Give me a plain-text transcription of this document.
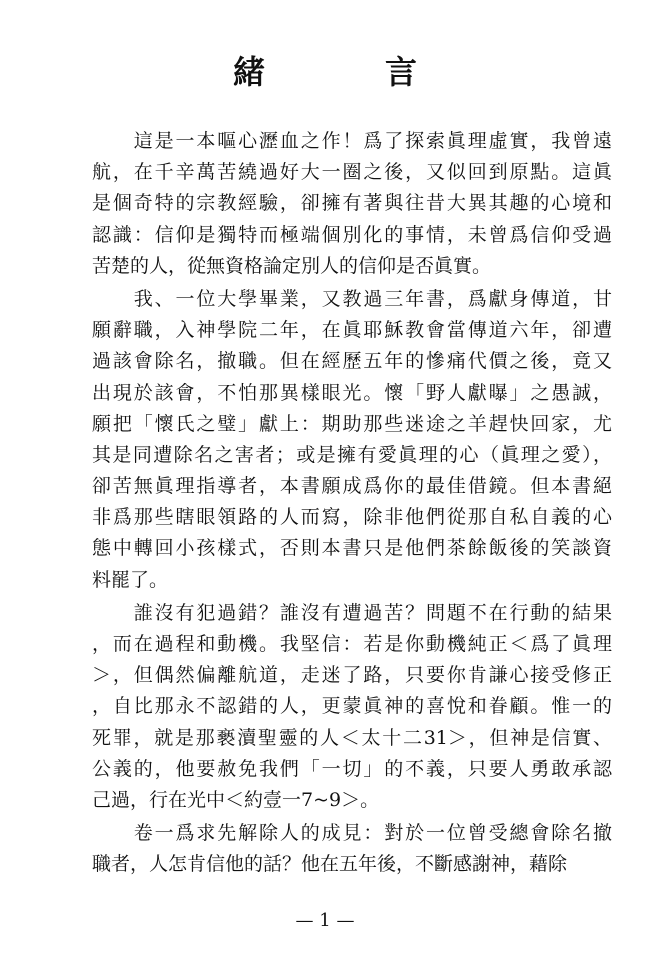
緒　言
　　這是一本嘔心瀝血之作！爲了探索眞理虛實，我曾遠
航，在千辛萬苦繞過好大一圈之後，又似回到原點。這眞
是個奇特的宗教經驗，卻擁有著與往昔大異其趣的心境和
認識：信仰是獨特而極端個別化的事情，未曾爲信仰受過
苦楚的人，從無資格論定別人的信仰是否眞實。
　　我、一位大學畢業，又教過三年書，爲獻身傳道，甘
願辭職，入神學院二年，在眞耶穌教會當傳道六年，卻遭
過該會除名，撤職。但在經歷五年的慘痛代價之後，竟又
出現於該會，不怕那異樣眼光。懷「野人獻曝」之愚誠，
願把「懷氏之璧」獻上：期助那些迷途之羊趕快回家，尤
其是同遭除名之害者；或是擁有愛眞理的心（眞理之愛），
卻苦無眞理指導者，本書願成爲你的最佳借鏡。但本書絕
非爲那些瞎眼領路的人而寫，除非他們從那自私自義的心
態中轉回小孩樣式，否則本書只是他們茶餘飯後的笑談資
料罷了。
　　誰沒有犯過錯？誰沒有遭過苦？問題不在行動的結果
，而在過程和動機。我堅信：若是你動機純正＜爲了眞理
＞，但偶然偏離航道，走迷了路，只要你肯謙心接受修正
，自比那永不認錯的人，更蒙眞神的喜悅和眷顧。惟一的
死罪，就是那褻瀆聖靈的人＜太十二31＞，但神是信實、
公義的，他要赦免我們「一切」的不義，只要人勇敢承認
己過，行在光中＜約壹一7~9＞。
　　卷一爲求先解除人的成見：對於一位曾受總會除名撤
職者，人怎肯信他的話？他在五年後，不斷感謝神，藉除
— 1 —
